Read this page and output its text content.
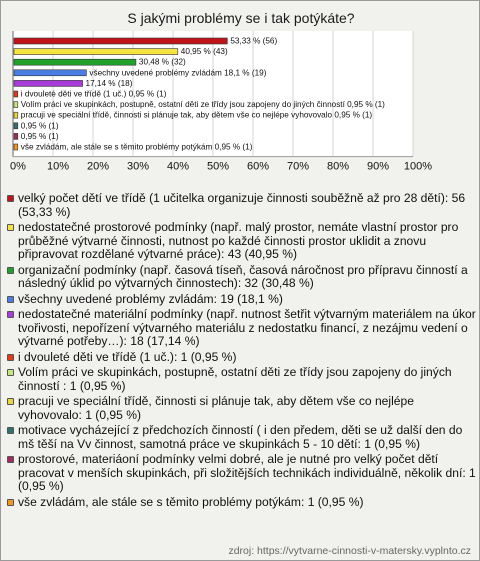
S jakými problémy se i tak potýkáte?
0% 10% 20% 30% 40% 50% 60% 70% 80% 90% 100%
53,33 % (56)
40,95 % (43)
30,48 % (32)
všechny uvedené problémy zvládám 18,1 % (19)
17,14 % (18)
i dvouleté děti ve třídě (1 uč.) 0,95 % (1)
Volím práci ve skupinkách, postupně, ostatní děti ze třídy jsou zapojeny do jiných činností 0,95 % (1)
pracuji ve speciální třídě, činnosti si plánuje tak, aby dětem vše co nejlépe vyhovovalo 0,95 % (1)
0,95 % (1)
0,95 % (1)
vše zvládám, ale stále se s těmito problémy potýkám 0,95 % (1)
velký počet dětí ve třídě (1 učitelka organizuje činnosti souběžně až pro 28 dětí): 56 (53,33 %)
nedostatečné prostorové podmínky (např. malý prostor, nemáte vlastní prostor pro průběžné výtvarné činnosti, nutnost po každé činnosti prostor uklidit a znovu připravovat rozdělané výtvarné práce): 43 (40,95 %)
organizační podmínky (např. časová tíseň, časová náročnost pro přípravu činností a následný úklid po výtvarných činnostech): 32 (30,48 %)
všechny uvedené problémy zvládám: 19 (18,1 %)
nedostatečné materiální podmínky (např. nutnost šetřit výtvarným materiálem na úkor tvořivosti, nepořízení výtvarného materiálu z nedostatku financí, z nezájmu vedení o výtvarné potřeby…): 18 (17,14 %)
i dvouleté děti ve třídě (1 uč.): 1 (0,95 %)
Volím práci ve skupinkách, postupně, ostatní děti ze třídy jsou zapojeny do jiných činností : 1 (0,95 %)
pracuji ve speciální třídě, činnosti si plánuje tak, aby dětem vše co nejlépe vyhovovalo: 1 (0,95 %)
motivace vycházející z předchozích činností ( i den předem, děti se už další den do mš těší na Vv činnost, samotná práce ve skupinkách 5 - 10 dětí: 1 (0,95 %)
prostorové, materiáoní podmínky velmi dobré, ale je nutné pro velký počet dětí pracovat v menších skupinkách, při složitějších technikách individuálně, několik dní: 1 (0,95 %)
vše zvládám, ale stále se s těmito problémy potýkám: 1 (0,95 %)
zdroj: https://vytvarne-cinnosti-v-matersky.vyplnto.cz
